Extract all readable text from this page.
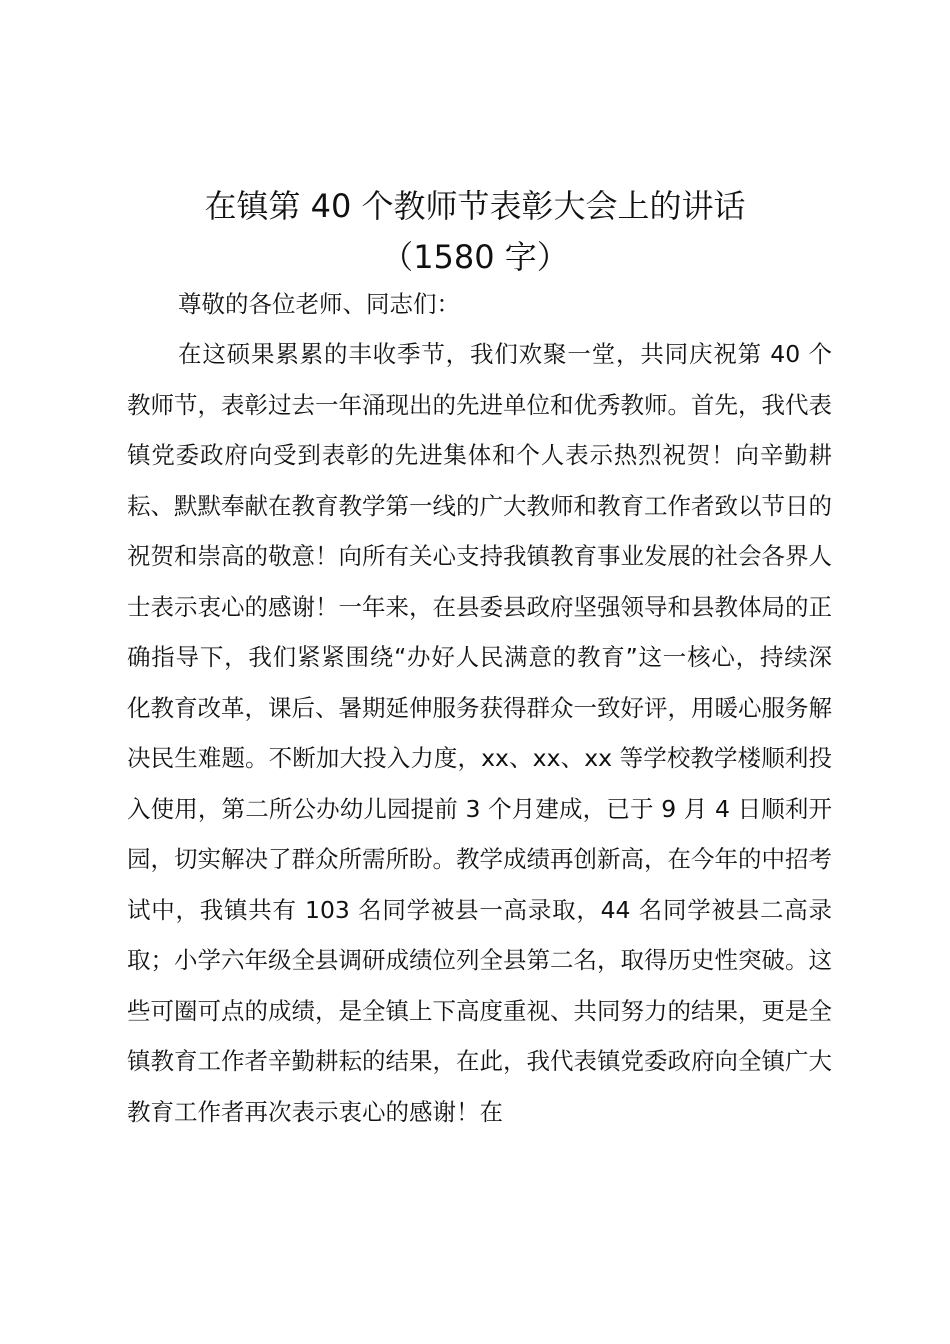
在镇第 40 个教师节表彰大会上的讲话
（1580 字）
尊敬的各位老师、同志们：
在这硕果累累的丰收季节，我们欢聚一堂，共同庆祝第 40 个教师节，表彰过去一年涌现出的先进单位和优秀教师。首先，我代表镇党委政府向受到表彰的先进集体和个人表示热烈祝贺！向辛勤耕耘、默默奉献在教育教学第一线的广大教师和教育工作者致以节日的祝贺和崇高的敬意！向所有关心支持我镇教育事业发展的社会各界人士表示衷心的感谢！一年来，在县委县政府坚强领导和县教体局的正确指导下，我们紧紧围绕“办好人民满意的教育”这一核心，持续深化教育改革，课后、暑期延伸服务获得群众一致好评，用暖心服务解决民生难题。不断加大投入力度，xx、xx、xx 等学校教学楼顺利投入使用，第二所公办幼儿园提前 3 个月建成，已于 9 月 4 日顺利开园，切实解决了群众所需所盼。教学成绩再创新高，在今年的中招考试中，我镇共有 103 名同学被县一高录取，44 名同学被县二高录取；小学六年级全县调研成绩位列全县第二名，取得历史性突破。这些可圈可点的成绩，是全镇上下高度重视、共同努力的结果，更是全镇教育工作者辛勤耕耘的结果，在此，我代表镇党委政府向全镇广大教育工作者再次表示衷心的感谢！在
